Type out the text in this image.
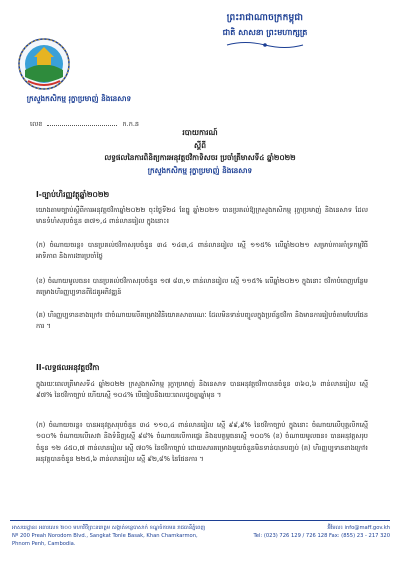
ព្រះរាជាណាចក្រកម្ពុជា
ជាតិ សាសនា ព្រះមហាក្សត្រ
ក្រសួងកសិកម្ម រុក្ខាប្រមាញ់ និងនេសាទ
លេខ	ក.ក.ន
របាយការណ៍
ស្ដីពី
លទ្ធផលនៃការពិនិត្យការអនុវត្តថវិកាទិសចរ ប្រចាំត្រីមាសទី៤ ឆ្នាំ២០២២
ក្រសួងកសិកម្ម រុក្ខាប្រមាញ់ និងនេសាទ
I-ច្បាប់ហិរញ្ញវត្ថុឆ្នាំ២០២២
យោងតាមច្បាប់ស្តីពីការអនុវត្តថវិកាឆ្នាំ២០២២ ចុះថ្ងៃទី២៤ ខែធ្នូ ឆ្នាំ២០២១ បានប្រគល់ឱ្យក្រសួងកសិកម្ម រុក្ខាប្រមាញ់ និងនេសាទ ដែលមានទំហំសរុបចំនួន ៣៧១,៤ ពាន់លានរៀល ក្នុងនោះ៖
(ក) ចំណាយចរន្ត៖ បានប្រគល់ថវិកាសរុបចំនួន ៣៤ ១៤៣,៤ ពាន់លានរៀល ស្មើ ១១៥% លើឆ្នាំ២០២១ សម្រាប់ការគាំទ្រកម្មវិធីអាទិភាព និងការងារប្រចាំថ្ងៃ
(ខ) ចំណាយមូលធន៖ បានប្រគល់ថវិកាសរុបចំនួន ១៧ ៨៣,១ ពាន់លានរៀល ស្មើ ១១៥% លើឆ្នាំ២០២១ ក្នុងនោះ ថវិកាបំពេញបន្ថែមគម្រោងហិរញ្ញប្បទានពីដៃគូអភិវឌ្ឍន៍
(គ) ហិរញ្ញប្បទានខាងក្រៅ៖ ជាចំណាយលើគម្រោងវិនិយោគសាធារណៈ ដែលមិនទាន់បញ្ចូលក្នុងប្រព័ន្ធថវិកា និងមានការរៀបចំតាមបែបផែនការ ។
II-លទ្ធផលអនុវត្តថវិកា
ក្នុងរយៈពេលត្រីមាសទី៤ ឆ្នាំ២០២២ ក្រសួងកសិកម្ម រុក្ខាប្រមាញ់ និងនេសាទ បានអនុវត្តថវិកាបានចំនួន ៣៦០,៦ ពាន់លានរៀល ស្មើ ៩៧% នៃថវិកាច្បាប់ ហើយស្មើ ១០៤% បើធៀបនឹងរយៈពេលដូចគ្នាឆ្នាំមុន ។
(ក) ចំណាយចរន្ត៖ បានអនុវត្តសរុបចំនួន ៣៤ ១១០,៤ ពាន់លានរៀល ស្មើ ៩៩,៩% នៃថវិកាច្បាប់ ក្នុងនោះ ចំណាយលើបុគ្គលិកស្មើ ១០០% ចំណាយលើសេវា និងទំនិញស្មើ ៩៨% ចំណាយលើការផ្ទេរ និងឧបត្ថម្ភធនស្មើ ១០០% (ខ) ចំណាយមូលធន៖ បានអនុវត្តសរុបចំនួន ១២ ៤៥០,៧ ពាន់លានរៀល ស្មើ ៧០% នៃថវិកាច្បាប់ ដោយសារគម្រោងមួយចំនួនមិនទាន់បានបញ្ចប់ (គ) ហិរញ្ញប្បទានខាងក្រៅ៖ អនុវត្តបានចំនួន ២២៥,៦ ពាន់លានរៀល ស្មើ ៩២,៨% នៃផែនការ ។
អាសយដ្ឋាន៖ អគារលេខ ២០០ មហាវិថីព្រះនរោត្តម សង្កាត់ទន្លេបាសាក់ ខណ្ឌចំការមន រាជធានីភ្នំពេញ
Nº 200 Preah Norodom Blvd., Sangkat Tonle Basak, Khan Chamkarmon, Phnom Penh, Cambodia.
អ៊ីមែល៖ info@maff.gov.kh
Tel: (023) 726 129 / 726 128 Fax: (855) 23 - 217 320
